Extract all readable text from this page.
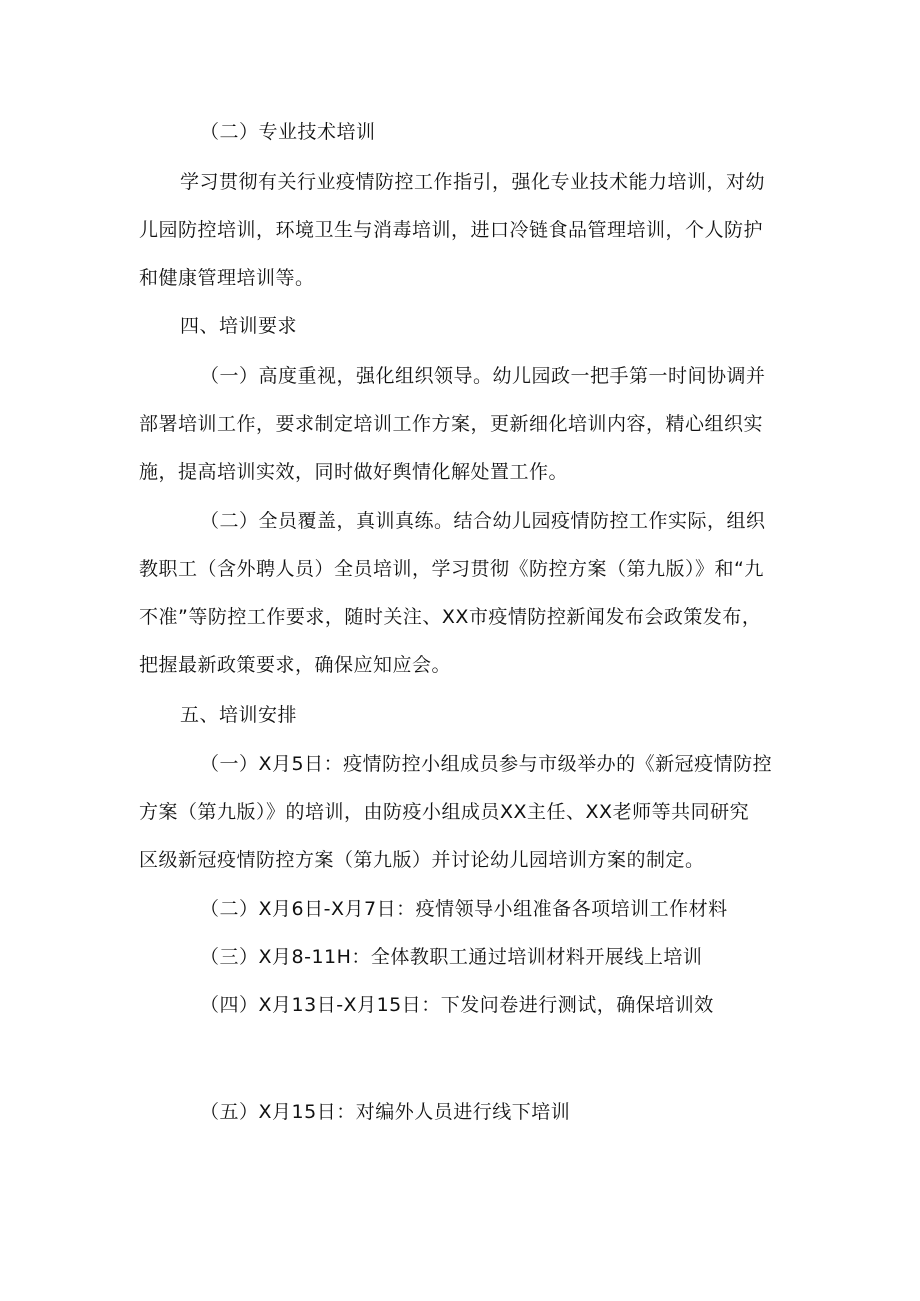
（二）专业技术培训
学习贯彻有关行业疫情防控工作指引，强化专业技术能力培训，对幼
儿园防控培训，环境卫生与消毒培训，进口冷链食品管理培训，个人防护
和健康管理培训等。
四、培训要求
（一）高度重视，强化组织领导。幼儿园政一把手第一时间协调并
部署培训工作，要求制定培训工作方案，更新细化培训内容，精心组织实
施，提高培训实效，同时做好舆情化解处置工作。
（二）全员覆盖，真训真练。结合幼儿园疫情防控工作实际，组织
教职工（含外聘人员）全员培训，学习贯彻《防控方案（第九版）》和“九
不准”等防控工作要求，随时关注、XX市疫情防控新闻发布会政策发布，
把握最新政策要求，确保应知应会。
五、培训安排
（一）X月5日：疫情防控小组成员参与市级举办的《新冠疫情防控
方案（第九版）》的培训，由防疫小组成员XX主任、XX老师等共同研究
区级新冠疫情防控方案（第九版）并讨论幼儿园培训方案的制定。
（二）X月6日-X月7日：疫情领导小组准备各项培训工作材料
（三）X月8-11H：全体教职工通过培训材料开展线上培训
（四）X月13日-X月15日：下发问卷进行测试，确保培训效
（五）X月15日：对编外人员进行线下培训
